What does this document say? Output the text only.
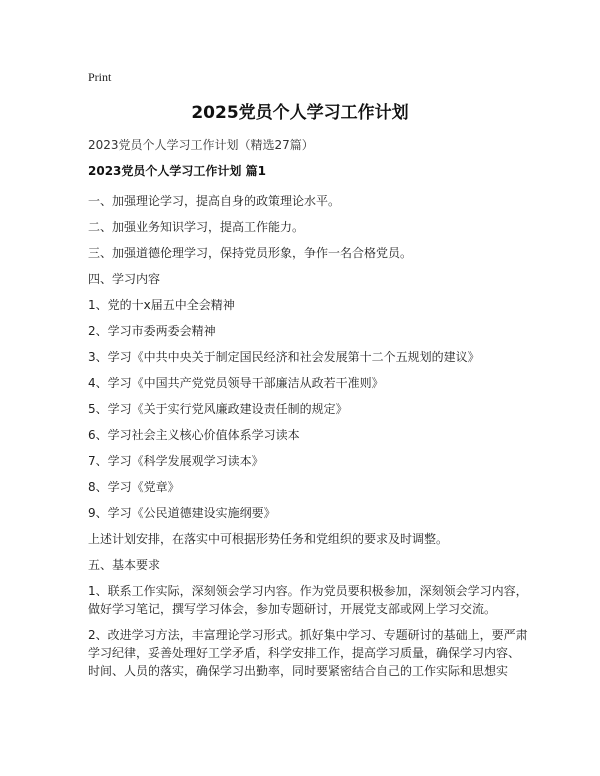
Print
2025党员个人学习工作计划

2023党员个人学习工作计划（精选27篇）

2023党员个人学习工作计划 篇1

一、加强理论学习，提高自身的政策理论水平。

二、加强业务知识学习，提高工作能力。

三、加强道德伦理学习，保持党员形象，争作一名合格党员。

四、学习内容

1、党的十x届五中全会精神

2、学习市委两委会精神

3、学习《中共中央关于制定国民经济和社会发展第十二个五规划的建议》

4、学习《中国共产党党员领导干部廉洁从政若干准则》

5、学习《关于实行党风廉政建设责任制的规定》

6、学习社会主义核心价值体系学习读本

7、学习《科学发展观学习读本》

8、学习《党章》

9、学习《公民道德建设实施纲要》

上述计划安排，在落实中可根据形势任务和党组织的要求及时调整。

五、基本要求

1、联系工作实际，深刻领会学习内容。作为党员要积极参加，深刻领会学习内容，做好学习笔记，撰写学习体会，参加专题研讨，开展党支部或网上学习交流。

2、改进学习方法，丰富理论学习形式。抓好集中学习、专题研讨的基础上，要严肃学习纪律，妥善处理好工学矛盾，科学安排工作，提高学习质量，确保学习内容、时间、人员的落实，确保学习出勤率，同时要紧密结合自己的工作实际和思想实
